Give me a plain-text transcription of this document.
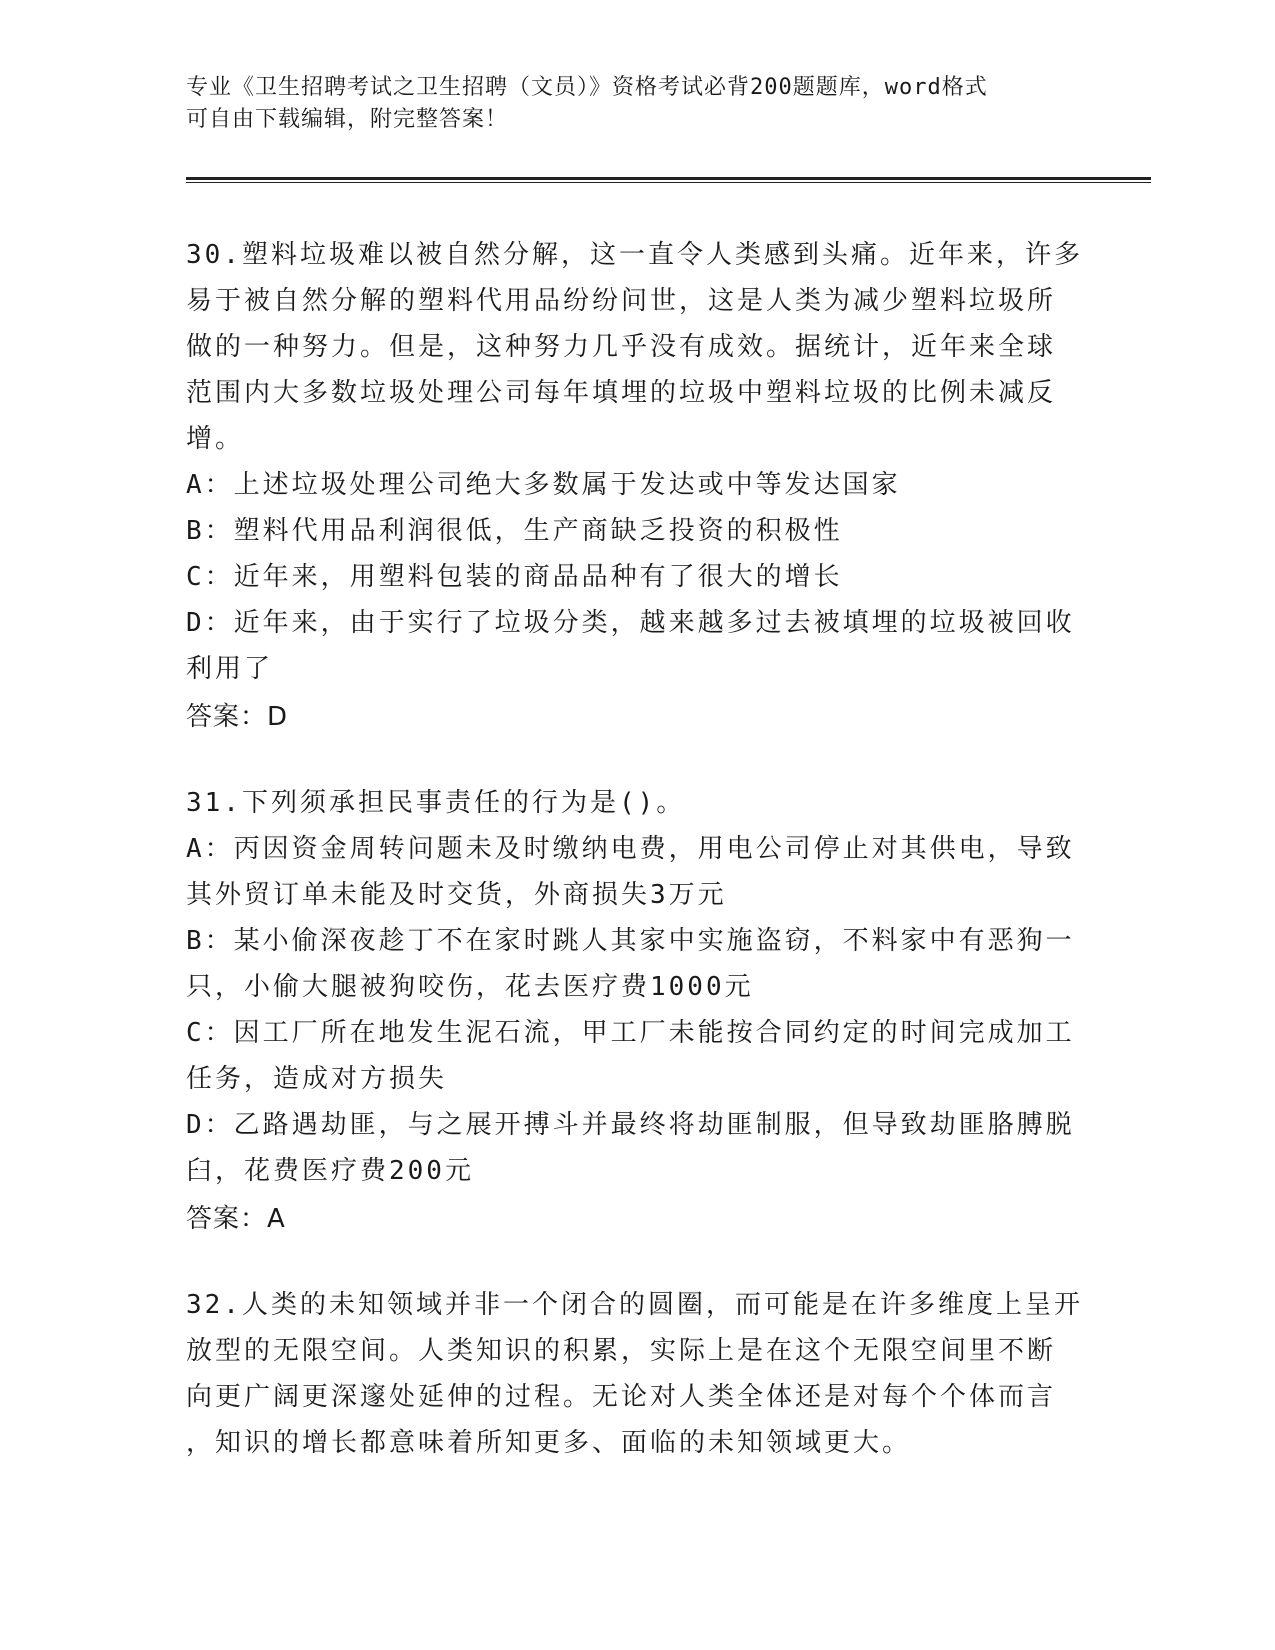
专业《卫生招聘考试之卫生招聘（文员）》资格考试必背200题题库，word格式
可自由下载编辑，附完整答案！
30.塑料垃圾难以被自然分解，这一直令人类感到头痛。近年来，许多
易于被自然分解的塑料代用品纷纷问世，这是人类为减少塑料垃圾所
做的一种努力。但是，这种努力几乎没有成效。据统计，近年来全球
范围内大多数垃圾处理公司每年填埋的垃圾中塑料垃圾的比例未减反
增。
A：上述垃圾处理公司绝大多数属于发达或中等发达国家
B：塑料代用品利润很低，生产商缺乏投资的积极性
C：近年来，用塑料包装的商品品种有了很大的增长
D：近年来，由于实行了垃圾分类，越来越多过去被填埋的垃圾被回收
利用了
答案：D
31.下列须承担民事责任的行为是()。
A：丙因资金周转问题未及时缴纳电费，用电公司停止对其供电，导致
其外贸订单未能及时交货，外商损失3万元
B：某小偷深夜趁丁不在家时跳人其家中实施盗窃，不料家中有恶狗一
只，小偷大腿被狗咬伤，花去医疗费1000元
C：因工厂所在地发生泥石流，甲工厂未能按合同约定的时间完成加工
任务，造成对方损失
D：乙路遇劫匪，与之展开搏斗并最终将劫匪制服，但导致劫匪胳膊脱
臼，花费医疗费200元
答案：A
32.人类的未知领域并非一个闭合的圆圈，而可能是在许多维度上呈开
放型的无限空间。人类知识的积累，实际上是在这个无限空间里不断
向更广阔更深邃处延伸的过程。无论对人类全体还是对每个个体而言
，知识的增长都意味着所知更多、面临的未知领域更大。
